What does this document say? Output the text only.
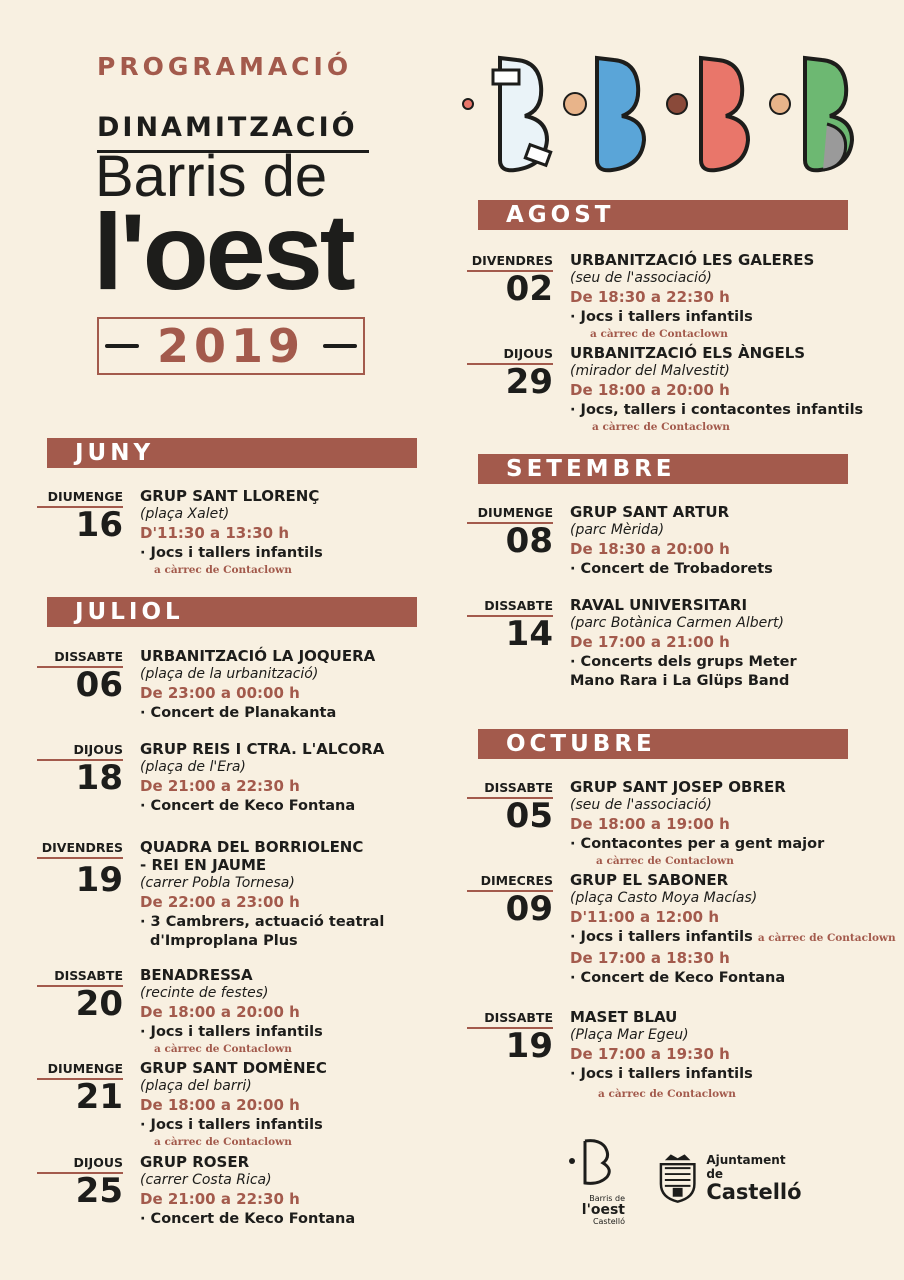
PROGRAMACIÓ
DINAMITZACIÓ
Barris de
l'oest
2019
JUNY
JULIOL
AGOST
SETEMBRE
OCTUBRE
DIUMENGE
16
GRUP SANT LLORENÇ
(plaça Xalet)
D'11:30 a 13:30 h
· Jocs i tallers infantils
a càrrec de Contaclown
DISSABTE
06
URBANITZACIÓ LA JOQUERA
(plaça de la urbanització)
De 23:00 a 00:00 h
· Concert de Planakanta
DIJOUS
18
GRUP REIS I CTRA. L'ALCORA
(plaça de l'Era)
De 21:00 a 22:30 h
· Concert de Keco Fontana
DIVENDRES
19
QUADRA DEL BORRIOLENC
- REI EN JAUME
(carrer Pobla Tornesa)
De 22:00 a 23:00 h
· 3 Cambrers, actuació teatral
d'Improplana Plus
DISSABTE
20
BENADRESSA
(recinte de festes)
De 18:00 a 20:00 h
· Jocs i tallers infantils
a càrrec de Contaclown
DIUMENGE
21
GRUP SANT DOMÈNEC
(plaça del barri)
De 18:00 a 20:00 h
· Jocs i tallers infantils
a càrrec de Contaclown
DIJOUS
25
GRUP ROSER
(carrer Costa Rica)
De 21:00 a 22:30 h
· Concert de Keco Fontana
DIVENDRES
02
URBANITZACIÓ LES GALERES
(seu de l'associació)
De 18:30 a 22:30 h
· Jocs i tallers infantils
a càrrec de Contaclown
DIJOUS
29
URBANITZACIÓ ELS ÀNGELS
(mirador del Malvestit)
De 18:00 a 20:00 h
· Jocs, tallers i contacontes infantils
a càrrec de Contaclown
DIUMENGE
08
GRUP SANT ARTUR
(parc Mèrida)
De 18:30 a 20:00 h
· Concert de Trobadorets
DISSABTE
14
RAVAL UNIVERSITARI
(parc Botànica Carmen Albert)
De 17:00 a 21:00 h
· Concerts dels grups Meter
Mano Rara i La Glüps Band
DISSABTE
05
GRUP SANT JOSEP OBRER
(seu de l'associació)
De 18:00 a 19:00 h
· Contacontes per a gent major
a càrrec de Contaclown
DIMECRES
09
GRUP EL SABONER
(plaça Casto Moya Macías)
D'11:00 a 12:00 h
· Jocs i tallers infantils a càrrec de Contaclown
De 17:00 a 18:30 h
· Concert de Keco Fontana
DISSABTE
19
MASET BLAU
(Plaça Mar Egeu)
De 17:00 a 19:30 h
· Jocs i tallers infantils
a càrrec de Contaclown
Barris de
l'oest
Castelló
Ajuntament de
Castelló
